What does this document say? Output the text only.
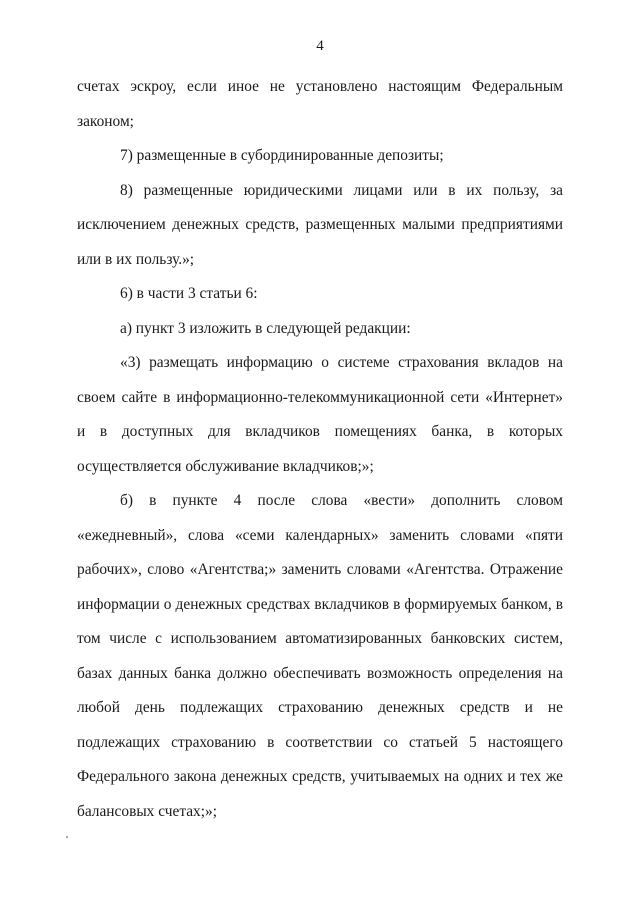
4

счетах эскроу, если иное не установлено настоящим Федеральным законом;

7) размещенные в субординированные депозиты;

8) размещенные юридическими лицами или в их пользу, за исключением денежных средств, размещенных малыми предприятиями или в их пользу.»;

6) в части 3 статьи 6:

а) пункт 3 изложить в следующей редакции:

«3) размещать информацию о системе страхования вкладов на своем сайте в информационно-телекоммуникационной сети «Интернет» и в доступных для вкладчиков помещениях банка, в которых осуществляется обслуживание вкладчиков;»;

б) в пункте 4 после слова «вести» дополнить словом «ежедневный», слова «семи календарных» заменить словами «пяти рабочих», слово «Агентства;» заменить словами «Агентства. Отражение информации о денежных средствах вкладчиков в формируемых банком, в том числе с использованием автоматизированных банковских систем, базах данных банка должно обеспечивать возможность определения на любой день подлежащих страхованию денежных средств и не подлежащих страхованию в соответствии со статьей 5 настоящего Федерального закона денежных средств, учитываемых на одних и тех же балансовых счетах;»;
